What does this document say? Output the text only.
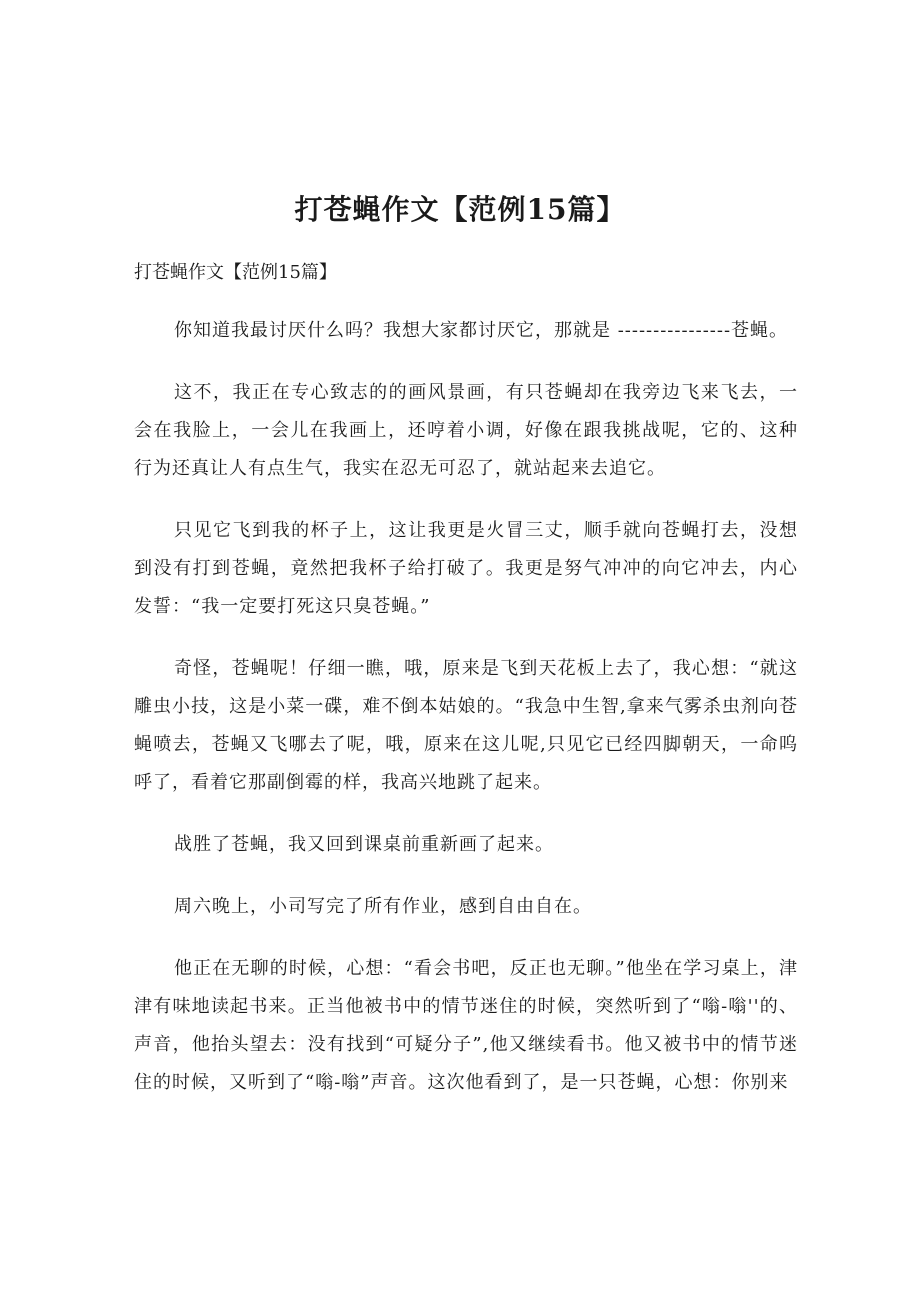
打苍蝇作文【范例15篇】

打苍蝇作文【范例15篇】

你知道我最讨厌什么吗？我想大家都讨厌它，那就是 ----------------苍蝇。

这不，我正在专心致志的的画风景画，有只苍蝇却在我旁边飞来飞去，一会在我脸上，一会儿在我画上，还哼着小调，好像在跟我挑战呢，它的、这种行为还真让人有点生气，我实在忍无可忍了，就站起来去追它。

只见它飞到我的杯子上，这让我更是火冒三丈，顺手就向苍蝇打去，没想到没有打到苍蝇，竟然把我杯子给打破了。我更是努气冲冲的向它冲去，内心发誓：“我一定要打死这只臭苍蝇。”

奇怪，苍蝇呢！仔细一瞧，哦，原来是飞到天花板上去了，我心想：“就这雕虫小技，这是小菜一碟，难不倒本姑娘的。“我急中生智,拿来气雾杀虫剂向苍蝇喷去，苍蝇又飞哪去了呢，哦，原来在这儿呢,只见它已经四脚朝天，一命呜呼了，看着它那副倒霉的样，我高兴地跳了起来。

战胜了苍蝇，我又回到课桌前重新画了起来。

周六晚上，小司写完了所有作业，感到自由自在。

他正在无聊的时候，心想：“看会书吧，反正也无聊。”他坐在学习桌上，津津有味地读起书来。正当他被书中的情节迷住的时候，突然听到了“嗡-嗡''的、声音，他抬头望去：没有找到“可疑分子”,他又继续看书。他又被书中的情节迷住的时候，又听到了“嗡-嗡”声音。这次他看到了，是一只苍蝇，心想：你别来
